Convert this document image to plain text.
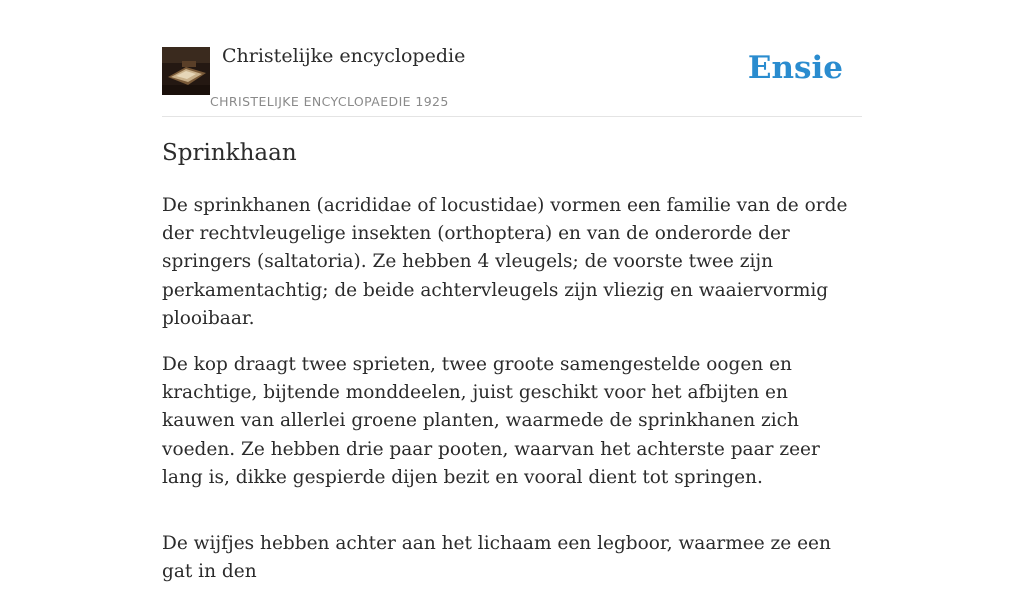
Christelijke encyclopedie
CHRISTELIJKE ENCYCLOPAEDIE 1925
Ensie
Sprinkhaan

De sprinkhanen (acrididae of locustidae) vormen een familie van de orde der rechtvleugelige insekten (orthoptera) en van de onderorde der springers (saltatoria). Ze hebben 4 vleugels; de voorste twee zijn perkamentachtig; de beide achtervleugels zijn vliezig en waaiervormig plooibaar.

De kop draagt twee sprieten, twee groote samengestelde oogen en krachtige, bijtende monddeelen, juist geschikt voor het afbijten en kauwen van allerlei groene planten, waarmede de sprinkhanen zich voeden. Ze hebben drie paar pooten, waarvan het achterste paar zeer lang is, dikke gespierde dijen bezit en vooral dient tot springen.

De wijfjes hebben achter aan het lichaam een legboor, waarmee ze een gat in den
